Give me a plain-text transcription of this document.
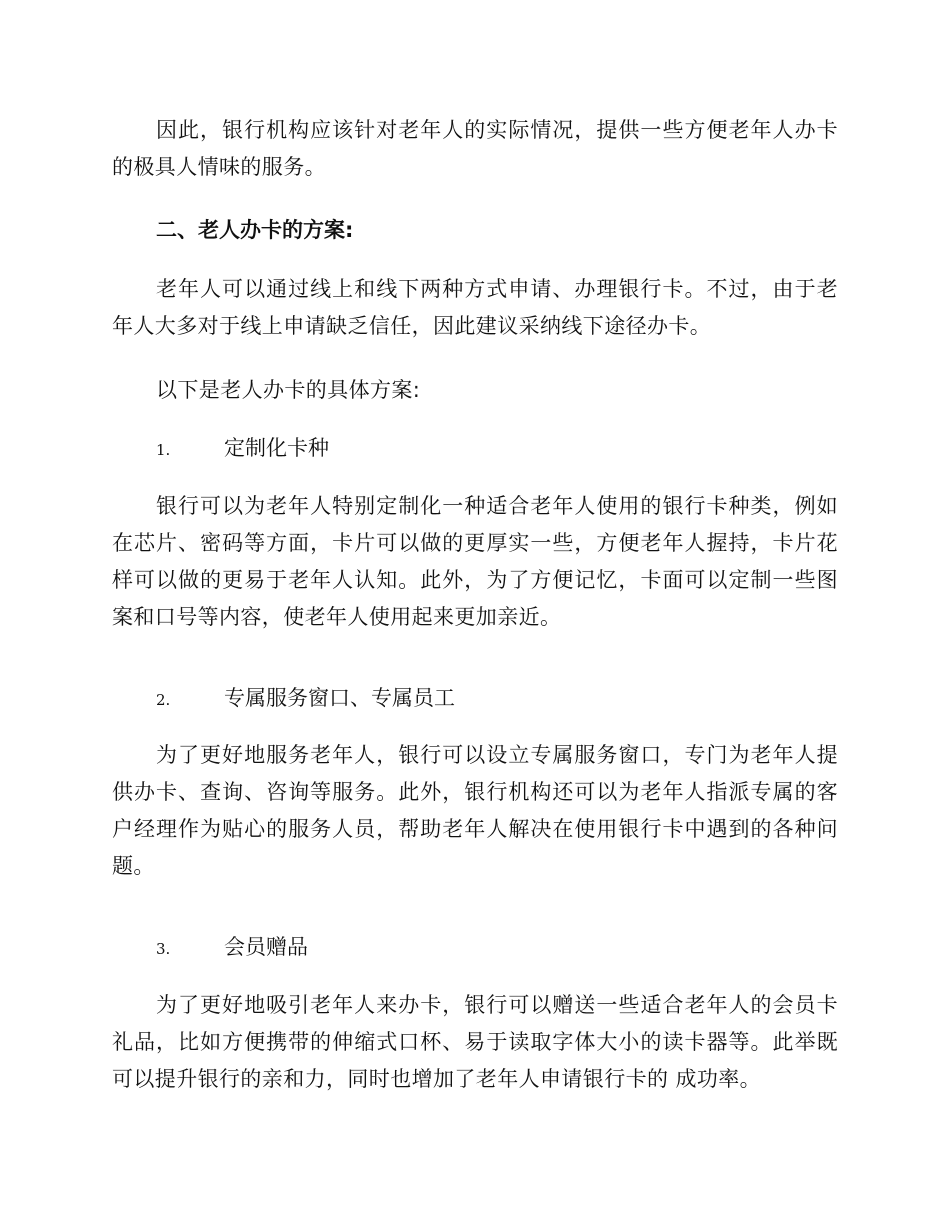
因此，银行机构应该针对老年人的实际情况，提供一些方便老年人办卡的极具人情味的服务。

二、老人办卡的方案:

老年人可以通过线上和线下两种方式申请、办理银行卡。不过，由于老年人大多对于线上申请缺乏信任，因此建议采纳线下途径办卡。

以下是老人办卡的具体方案:

1.	定制化卡种

银行可以为老年人特别定制化一种适合老年人使用的银行卡种类，例如在芯片、密码等方面，卡片可以做的更厚实一些，方便老年人握持，卡片花样可以做的更易于老年人认知。此外，为了方便记忆，卡面可以定制一些图案和口号等内容，使老年人使用起来更加亲近。

2.	专属服务窗口、专属员工

为了更好地服务老年人，银行可以设立专属服务窗口，专门为老年人提供办卡、查询、咨询等服务。此外，银行机构还可以为老年人指派专属的客户经理作为贴心的服务人员，帮助老年人解决在使用银行卡中遇到的各种问题。

3.	会员赠品

为了更好地吸引老年人来办卡，银行可以赠送一些适合老年人的会员卡礼品，比如方便携带的伸缩式口杯、易于读取字体大小的读卡器等。此举既可以提升银行的亲和力，同时也增加了老年人申请银行卡的 成功率。
